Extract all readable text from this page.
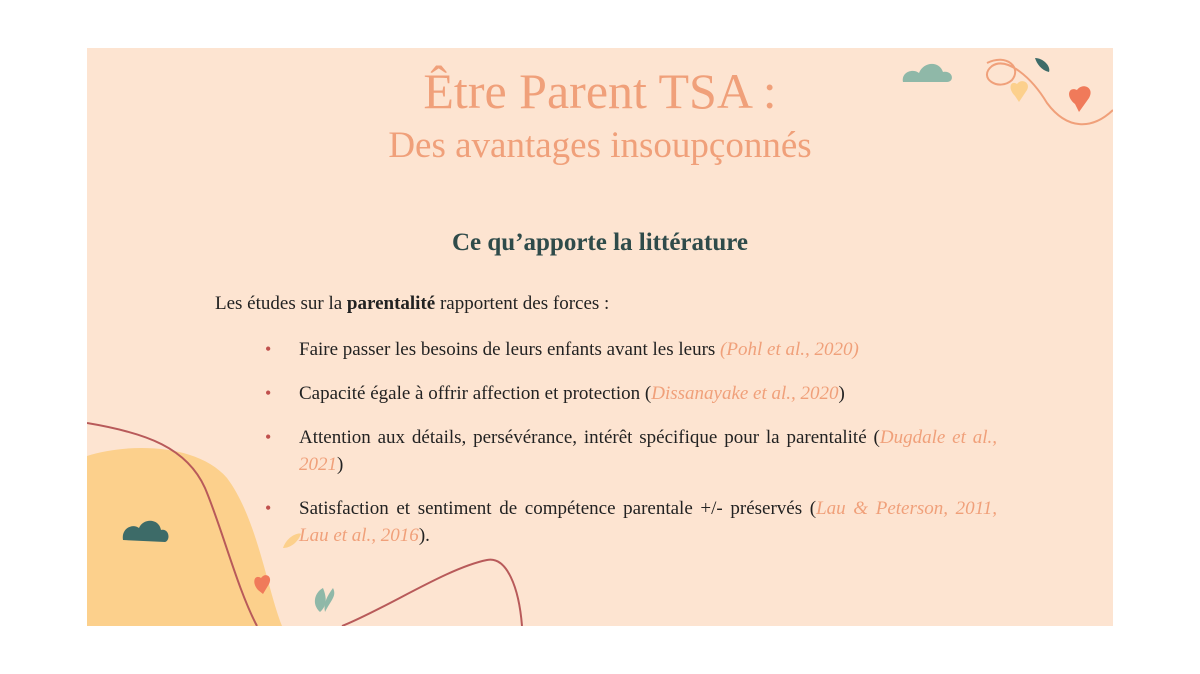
Être Parent TSA :
Des avantages insoupçonnés
Ce qu’apporte la littérature
Les études sur la parentalité rapportent des forces :
• Faire passer les besoins de leurs enfants avant les leurs (Pohl et al., 2020)
• Capacité égale à offrir affection et protection (Dissanayake et al., 2020)
• Attention aux détails, persévérance, intérêt spécifique pour la parentalité (Dugdale et al., 2021)
• Satisfaction et sentiment de compétence parentale +/- préservés (Lau & Peterson, 2011, Lau et al., 2016).
